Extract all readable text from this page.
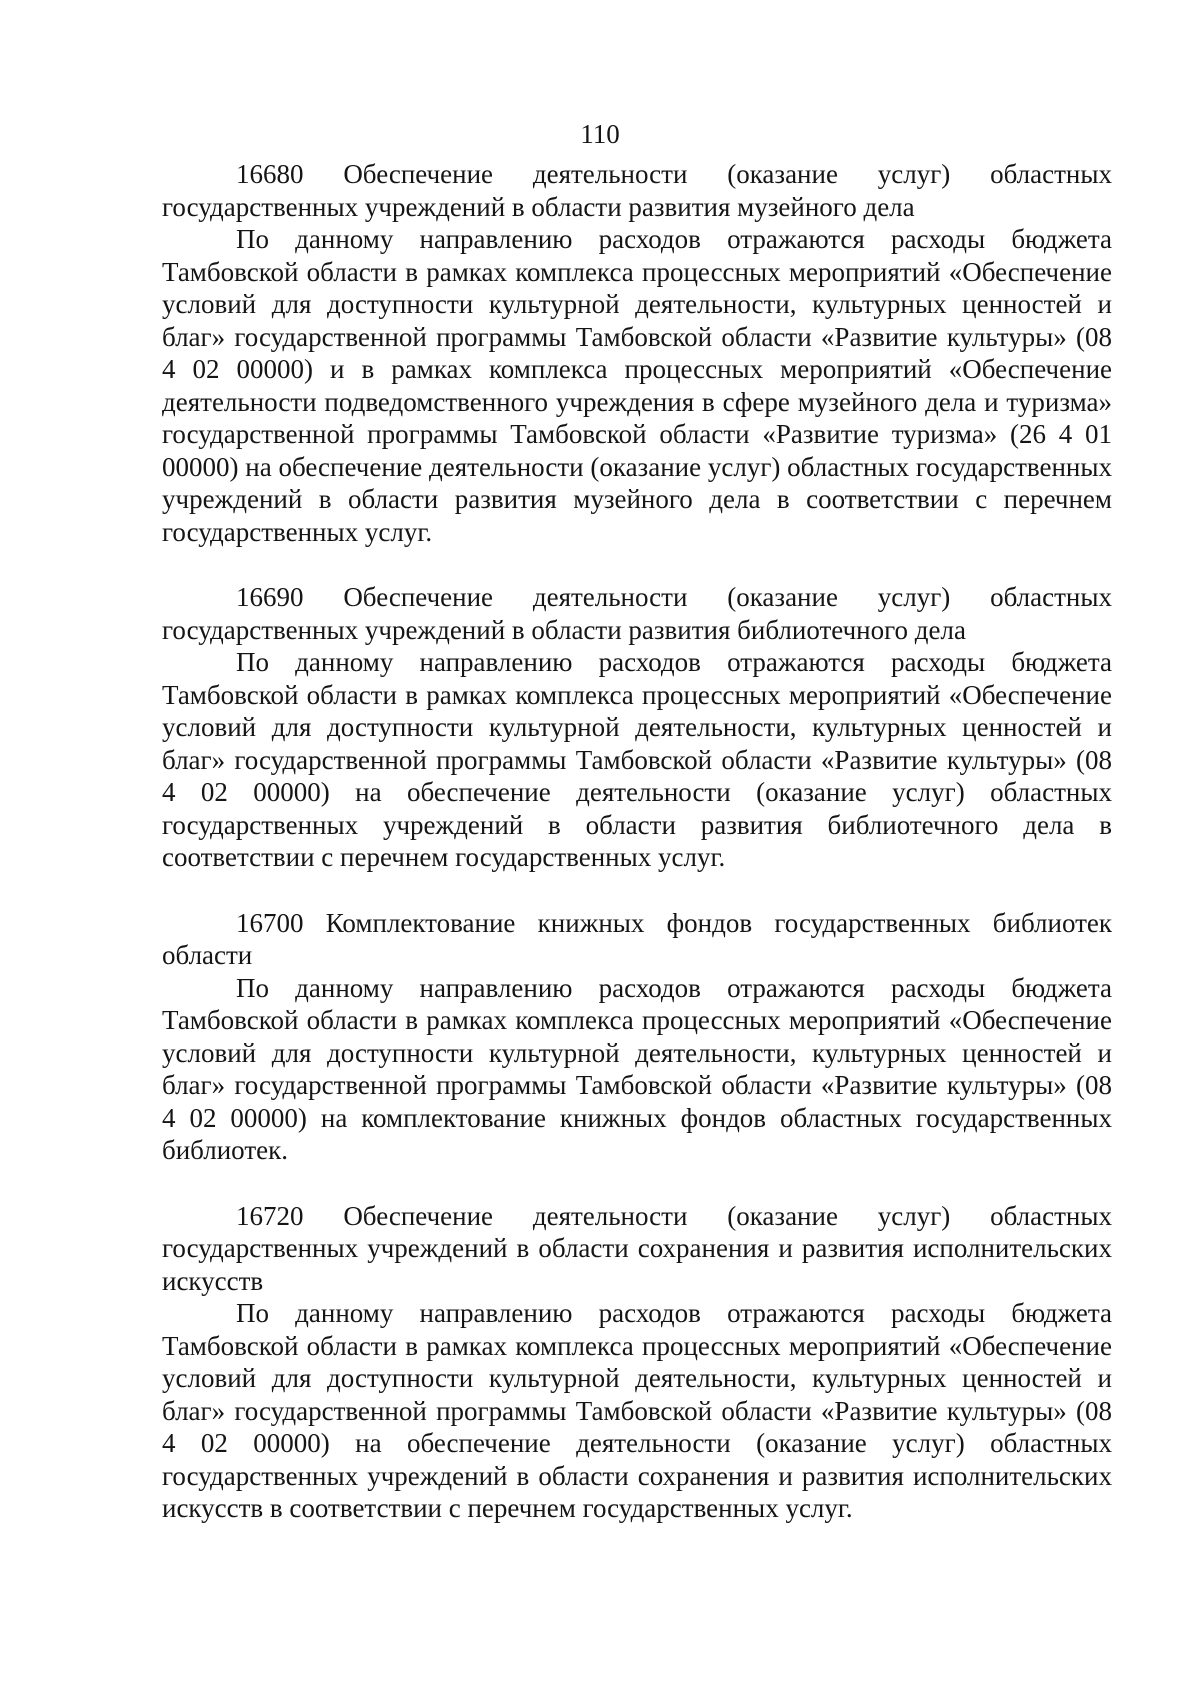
110

16680 Обеспечение деятельности (оказание услуг) областных государственных учреждений в области развития музейного дела

По данному направлению расходов отражаются расходы бюджета Тамбовской области в рамках комплекса процессных мероприятий «Обеспечение условий для доступности культурной деятельности, культурных ценностей и благ» государственной программы Тамбовской области «Развитие культуры» (08 4 02 00000) и в рамках комплекса процессных мероприятий «Обеспечение деятельности подведомственного учреждения в сфере музейного дела и туризма» государственной программы Тамбовской области «Развитие туризма» (26 4 01 00000) на обеспечение деятельности (оказание услуг) областных государственных учреждений в области развития музейного дела в соответствии с перечнем государственных услуг.

16690 Обеспечение деятельности (оказание услуг) областных государственных учреждений в области развития библиотечного дела

По данному направлению расходов отражаются расходы бюджета Тамбовской области в рамках комплекса процессных мероприятий «Обеспечение условий для доступности культурной деятельности, культурных ценностей и благ» государственной программы Тамбовской области «Развитие культуры» (08 4 02 00000) на обеспечение деятельности (оказание услуг) областных государственных учреждений в области развития библиотечного дела в соответствии с перечнем государственных услуг.

16700 Комплектование книжных фондов государственных библиотек области

По данному направлению расходов отражаются расходы бюджета Тамбовской области в рамках комплекса процессных мероприятий «Обеспечение условий для доступности культурной деятельности, культурных ценностей и благ» государственной программы Тамбовской области «Развитие культуры» (08 4 02 00000) на комплектование книжных фондов областных государственных библиотек.

16720 Обеспечение деятельности (оказание услуг) областных государственных учреждений в области сохранения и развития исполнительских искусств

По данному направлению расходов отражаются расходы бюджета Тамбовской области в рамках комплекса процессных мероприятий «Обеспечение условий для доступности культурной деятельности, культурных ценностей и благ» государственной программы Тамбовской области «Развитие культуры» (08 4 02 00000) на обеспечение деятельности (оказание услуг) областных государственных учреждений в области сохранения и развития исполнительских искусств в соответствии с перечнем государственных услуг.
